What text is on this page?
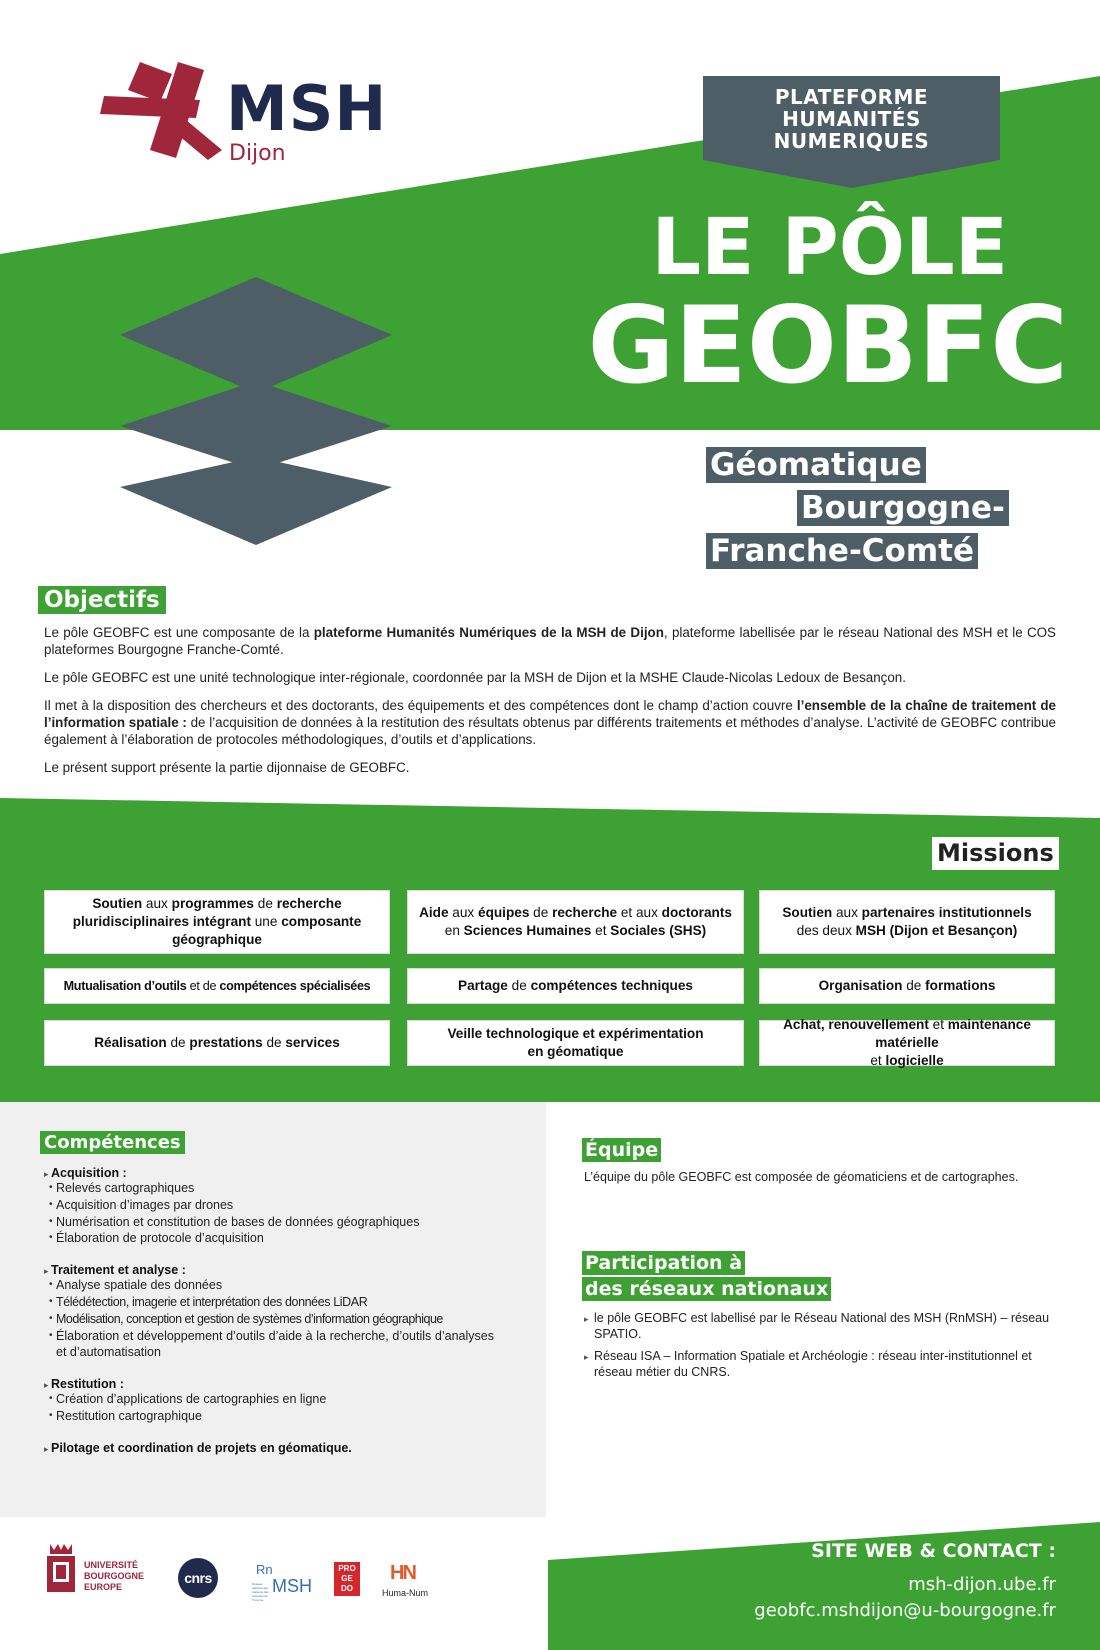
MSH
Dijon
PLATEFORME
HUMANITÉS
NUMERIQUES
LE PÔLE
GEOBFC
Géomatique
Bourgogne-
Franche-Comté
Objectifs

Le pôle GEOBFC est une composante de la plateforme Humanités Numériques de la MSH de Dijon, plateforme labellisée par le réseau National des MSH et le COS plateformes Bourgogne Franche-Comté.

Le pôle GEOBFC est une unité technologique inter-régionale, coordonnée par la MSH de Dijon et la MSHE Claude-Nicolas Ledoux de Besançon.

Il met à la disposition des chercheurs et des doctorants, des équipements et des compétences dont le champ d’action couvre l’ensemble de la chaîne de traitement de l’information spatiale : de l’acquisition de données à la restitution des résultats obtenus par différents traitements et méthodes d’analyse. L’activité de GEOBFC contribue également à l’élaboration de protocoles méthodologiques, d’outils et d’applications.

Le présent support présente la partie dijonnaise de GEOBFC.

Missions
Soutien aux programmes de recherche pluridisciplinaires intégrant une composante géographique
Aide aux équipes de recherche et aux doctorants
en Sciences Humaines et Sociales (SHS)
Soutien aux partenaires institutionnels
des deux MSH (Dijon et Besançon)
Mutualisation d’outils et de compétences spécialisées	Partage de compétences techniques	Organisation de formations
Réalisation de prestations de services
Veille technologique et expérimentation en géomatique
Achat, renouvellement et maintenance matérielle
et logicielle
Compétences
▸ Acquisition :
• Relevés cartographiques
• Acquisition d’images par drones
• Numérisation et constitution de bases de données géographiques
• Élaboration de protocole d’acquisition
▸ Traitement et analyse :
• Analyse spatiale des données
• Télédétection, imagerie et interprétation des données LiDAR
• Modélisation, conception et gestion de systèmes d’information géographique
• Élaboration et développement d’outils d’aide à la recherche, d’outils d’analyses et d’automatisation
▸ Restitution :
• Création d’applications de cartographies en ligne
• Restitution cartographique
▸ Pilotage et coordination de projets en géomatique.
Équipe
L’équipe du pôle GEOBFC est composée de géomaticiens et de cartographes.
Participation à
des réseaux nationaux
▸ le pôle GEOBFC est labellisé par le Réseau National des MSH (RnMSH) – réseau SPATIO.
▸ Réseau ISA – Information Spatiale et Archéologie : réseau inter-institutionnel et réseau métier du CNRS.
UNIVERSITÉ
BOURGOGNE
EUROPE
cnrs
Rn
MSH
Réseau national des maisons des sciences de l’homme
PRO
GE
DO
HN
Huma-Num
SITE WEB & CONTACT :
msh-dijon.ube.fr
geobfc.mshdijon@u-bourgogne.fr
